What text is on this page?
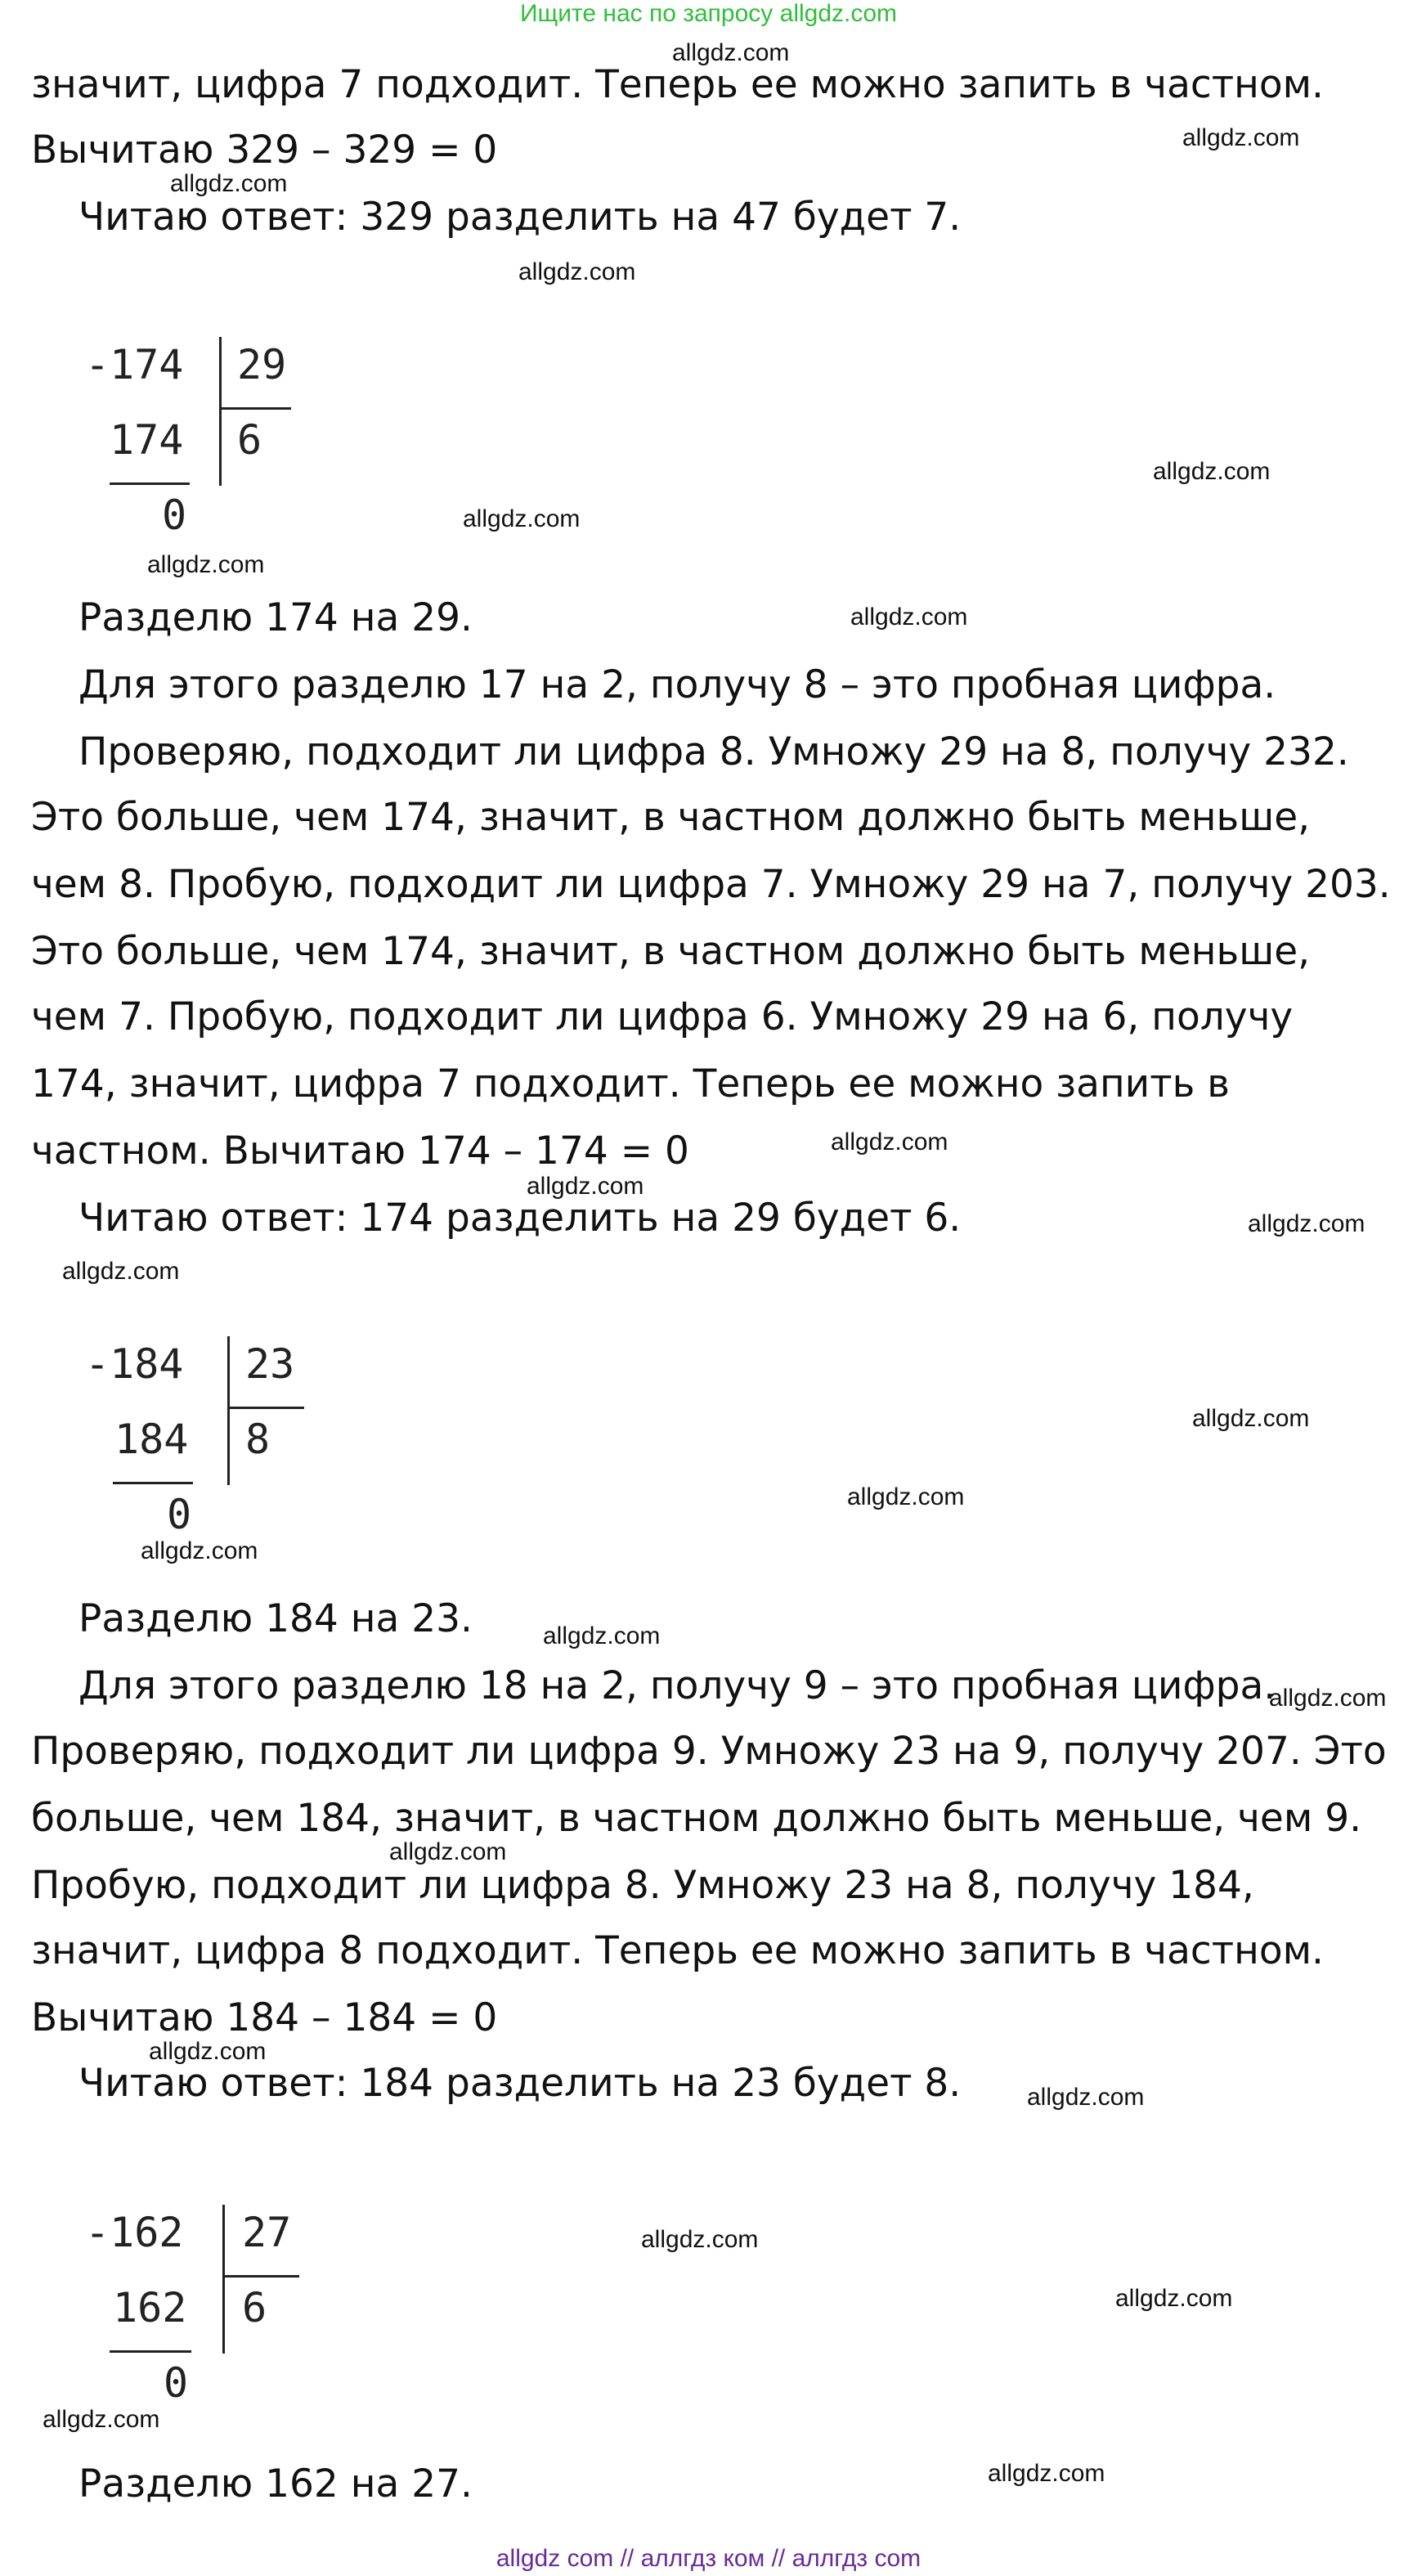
Ищите нас по запросу allgdz.com

значит, цифра 7 подходит. Теперь ее можно запить в частном.

Вычитаю 329 – 329 = 0

Читаю ответ: 329 разделить на 47 будет 7.

Разделю 174 на 29.

Для этого разделю 17 на 2, получу 8 – это пробная цифра.

Проверяю, подходит ли цифра 8. Умножу 29 на 8, получу 232.

Это больше, чем 174, значит, в частном должно быть меньше,

чем 8. Пробую, подходит ли цифра 7. Умножу 29 на 7, получу 203.

Это больше, чем 174, значит, в частном должно быть меньше,

чем 7. Пробую, подходит ли цифра 6. Умножу 29 на 6, получу

174, значит, цифра 7 подходит. Теперь ее можно запить в

частном. Вычитаю 174 – 174 = 0

Читаю ответ: 174 разделить на 29 будет 6.

Разделю 184 на 23.

Для этого разделю 18 на 2, получу 9 – это пробная цифра.

Проверяю, подходит ли цифра 9. Умножу 23 на 9, получу 207. Это

больше, чем 184, значит, в частном должно быть меньше, чем 9.

Пробую, подходит ли цифра 8. Умножу 23 на 8, получу 184,

значит, цифра 8 подходит. Теперь ее можно запить в частном.

Вычитаю 184 – 184 = 0

Читаю ответ: 184 разделить на 23 будет 8.

Разделю 162 на 27.

-174 29
174 6
0
-184 23
184 8
0
-162 27
162 6
0
allgdz.com
allgdz.com
allgdz.com
allgdz.com
allgdz.com
allgdz.com
allgdz.com
allgdz.com
allgdz.com
allgdz.com
allgdz.com
allgdz.com
allgdz.com
allgdz.com
allgdz.com
allgdz.com
allgdz.com
allgdz.com
allgdz.com
allgdz.com
allgdz.com
allgdz.com
allgdz.com
allgdz.com
allgdz com // аллгдз ком // аллгдз com
